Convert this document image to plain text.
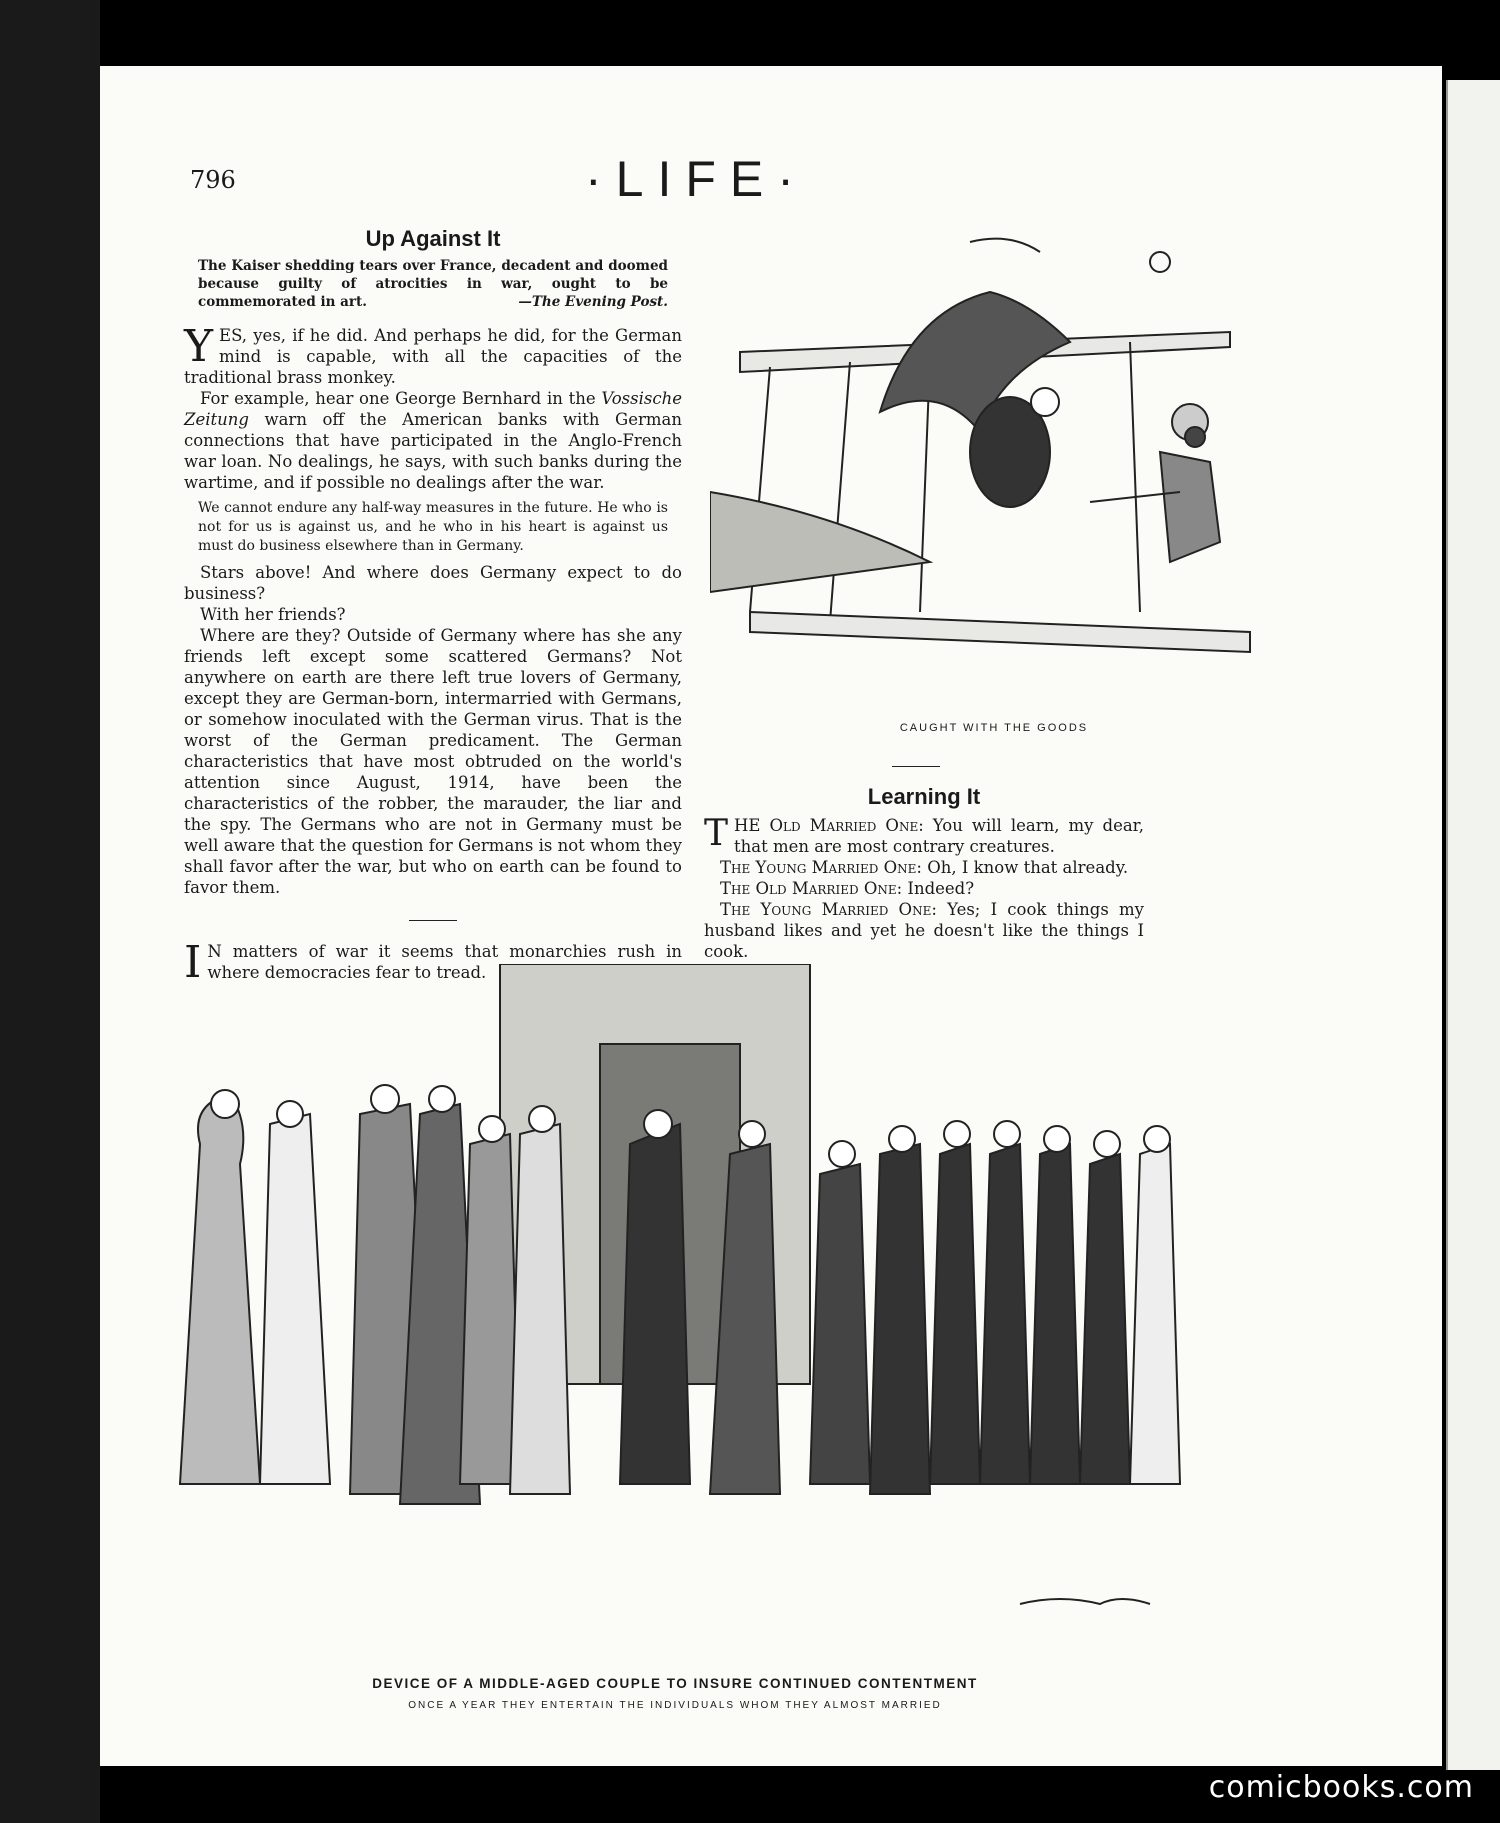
796	·LIFE·
Up Against It
The Kaiser shedding tears over France, decadent and doomed because guilty of atrocities in war, ought to be commemorated in art.	—The Evening Post.

YES, yes, if he did. And perhaps he did, for the German mind is capable, with all the capacities of the traditional brass monkey.

For example, hear one George Bernhard in the Vossische Zeitung warn off the American banks with German connections that have participated in the Anglo-French war loan. No dealings, he says, with such banks during the wartime, and if possible no dealings after the war.

We cannot endure any half-way measures in the future. He who is not for us is against us, and he who in his heart is against us must do business elsewhere than in Germany.

Stars above! And where does Germany expect to do business?

With her friends?

Where are they? Outside of Germany where has she any friends left except some scattered Germans? Not anywhere on earth are there left true lovers of Germany, except they are German-born, intermarried with Germans, or somehow inoculated with the German virus. That is the worst of the German predicament. The German characteristics that have most obtruded on the world's attention since August, 1914, have been the characteristics of the robber, the marauder, the liar and the spy. The Germans who are not in Germany must be well aware that the question for Germans is not whom they shall favor after the war, but who on earth can be found to favor them.

I N matters of war it seems that monarchies rush in where democracies fear to tread.

CAUGHT WITH THE GOODS
Learning It

THE Old Married One: You will learn, my dear, that men are most contrary creatures.

The Young Married One: Oh, I know that already.

The Old Married One: Indeed?

The Young Married One: Yes; I cook things my husband likes and yet he doesn't like the things I cook.

DEVICE OF A MIDDLE-AGED COUPLE TO INSURE CONTINUED CONTENTMENT
ONCE A YEAR THEY ENTERTAIN THE INDIVIDUALS WHOM THEY ALMOST MARRIED
comicbooks.com
